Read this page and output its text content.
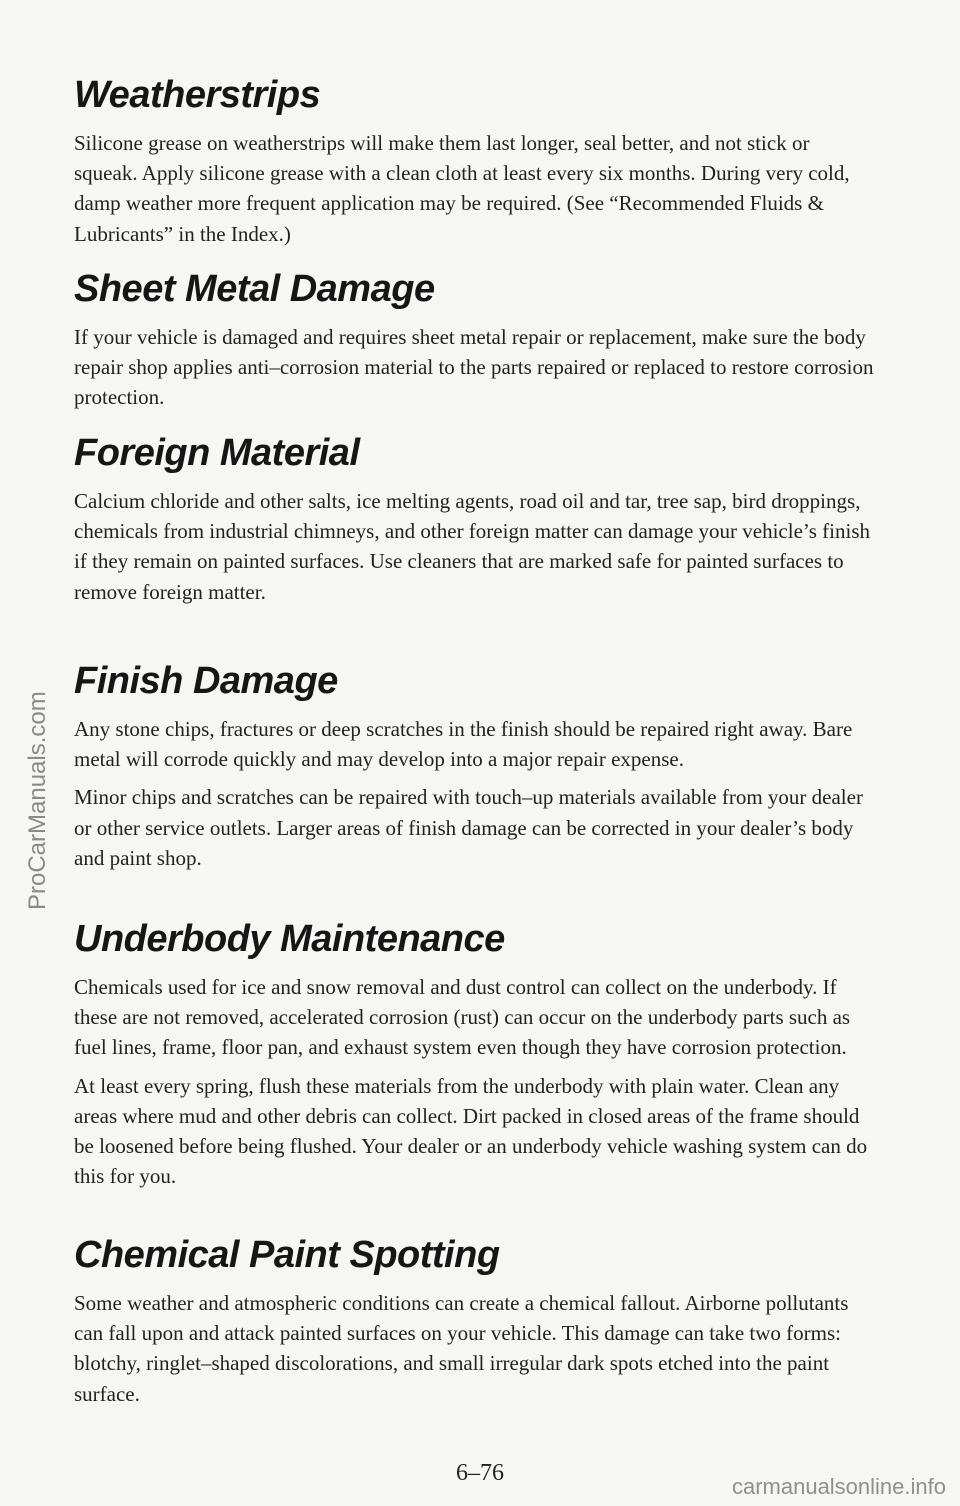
Weatherstrips

Silicone grease on weatherstrips will make them last longer, seal better, and not stick or squeak. Apply silicone grease with a clean cloth at least every six months. During very cold, damp weather more frequent application may be required. (See “Recommended Fluids & Lubricants” in the Index.)

Sheet Metal Damage

If your vehicle is damaged and requires sheet metal repair or replacement, make sure the body repair shop applies anti–corrosion material to the parts repaired or replaced to restore corrosion protection.

Foreign Material

Calcium chloride and other salts, ice melting agents, road oil and tar, tree sap, bird droppings, chemicals from industrial chimneys, and other foreign matter can damage your vehicle’s finish if they remain on painted surfaces. Use cleaners that are marked safe for painted surfaces to remove foreign matter.

Finish Damage

Any stone chips, fractures or deep scratches in the finish should be repaired right away. Bare metal will corrode quickly and may develop into a major repair expense.

Minor chips and scratches can be repaired with touch–up materials available from your dealer or other service outlets. Larger areas of finish damage can be corrected in your dealer’s body and paint shop.

Underbody Maintenance

Chemicals used for ice and snow removal and dust control can collect on the underbody. If these are not removed, accelerated corrosion (rust) can occur on the underbody parts such as fuel lines, frame, floor pan, and exhaust system even though they have corrosion protection.

At least every spring, flush these materials from the underbody with plain water. Clean any areas where mud and other debris can collect. Dirt packed in closed areas of the frame should be loosened before being flushed. Your dealer or an underbody vehicle washing system can do this for you.

Chemical Paint Spotting

Some weather and atmospheric conditions can create a chemical fallout. Airborne pollutants can fall upon and attack painted surfaces on your vehicle. This damage can take two forms: blotchy, ringlet–shaped discolorations, and small irregular dark spots etched into the paint surface.

6–76
ProCarManuals.com
carmanualsonline.info
